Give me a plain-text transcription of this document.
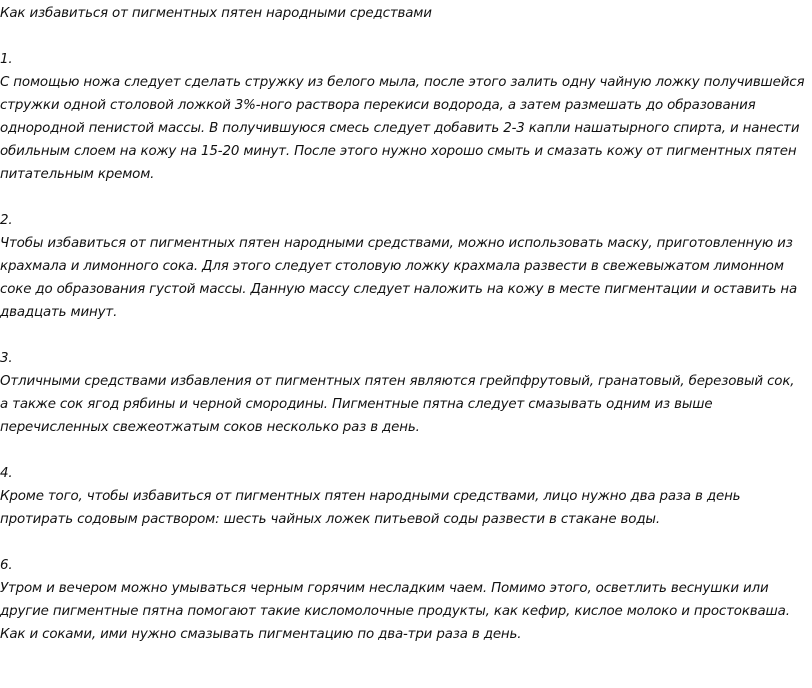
Как избавиться от пигментных пятен народными средствами
1.

С помощью ножа следует сделать стружку из белого мыла, после этого залить одну чайную ложку получившейся стружки одной столовой ложкой 3%-ного раствора перекиси водорода, а затем размешать до образования однородной пенистой массы. В получившуюся смесь следует добавить 2-3 капли нашатырного спирта, и нанести обильным слоем на кожу на 15-20 минут. После этого нужно хорошо смыть и смазать кожу от пигментных пятен питательным кремом.

2.

Чтобы избавиться от пигментных пятен народными средствами, можно использовать маску, приготовленную из крахмала и лимонного сока. Для этого следует столовую ложку крахмала развести в свежевыжатом лимонном соке до образования густой массы. Данную массу следует наложить на кожу в месте пигментации и оставить на двадцать минут.

3.

Отличными средствами избавления от пигментных пятен являются грейпфрутовый, гранатовый, березовый сок, а также сок ягод рябины и черной смородины. Пигментные пятна следует смазывать одним из выше перечисленных свежеотжатым соков несколько раз в день.

4.

Кроме того, чтобы избавиться от пигментных пятен народными средствами, лицо нужно два раза в день протирать содовым раствором: шесть чайных ложек питьевой соды развести в стакане воды.

6.

Утром и вечером можно умываться черным горячим несладким чаем. Помимо этого, осветлить веснушки или другие пигментные пятна помогают такие кисломолочные продукты, как кефир, кислое молоко и простокваша. Как и соками, ими нужно смазывать пигментацию по два-три раза в день.
